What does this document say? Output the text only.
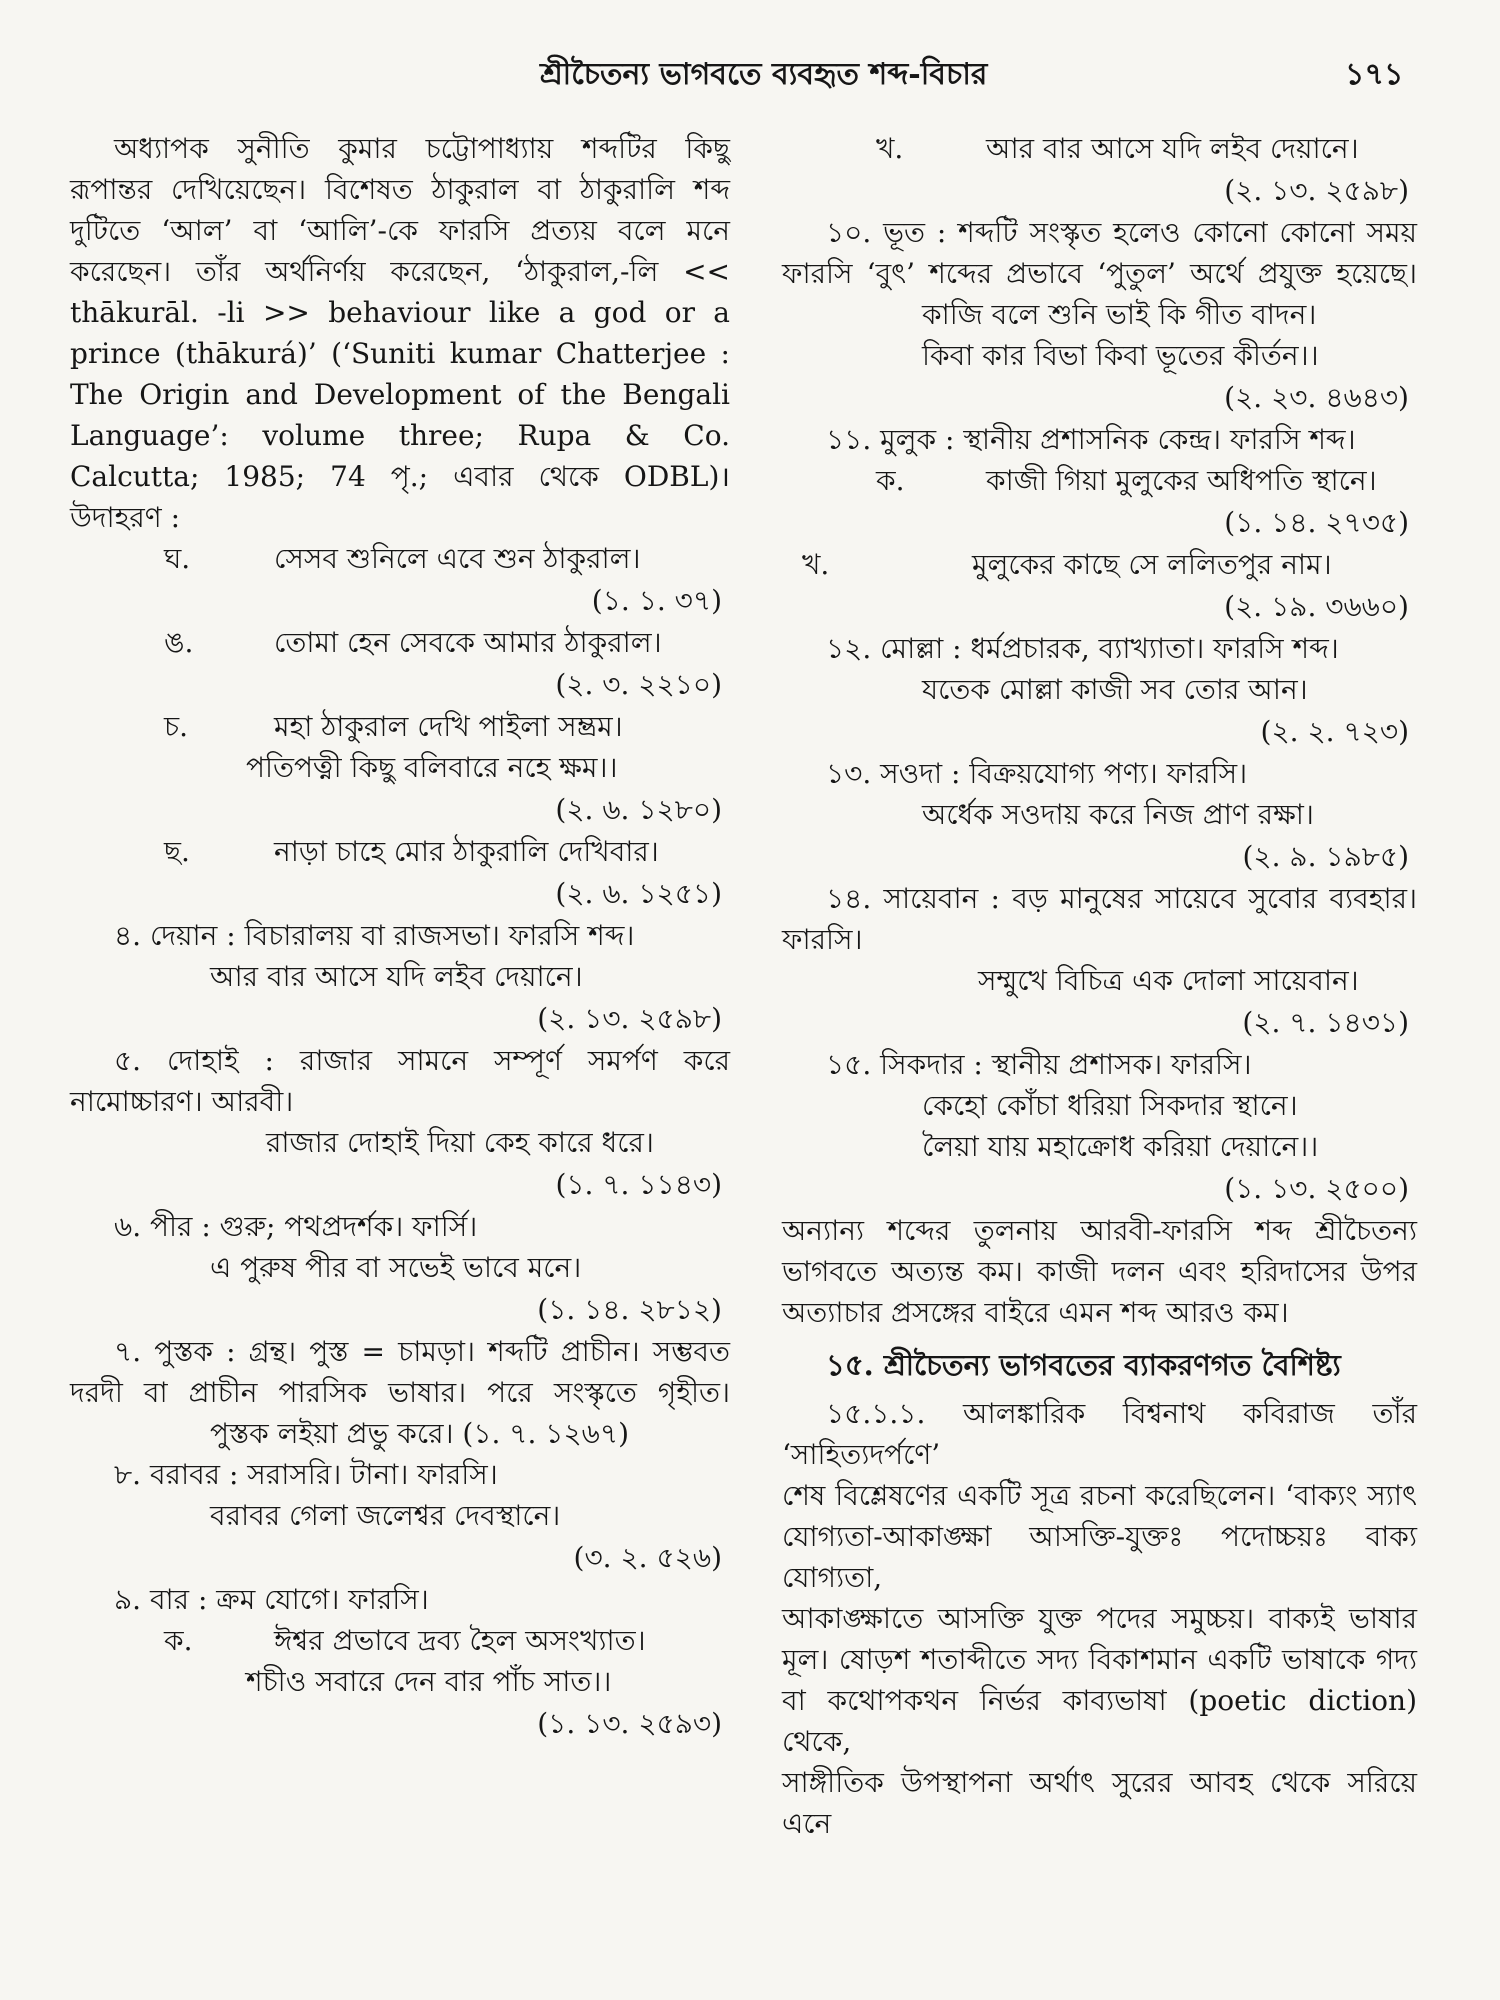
শ্রীচৈতন্য ভাগবতে ব্যবহৃত শব্দ-বিচার	১৭১
অধ্যাপক সুনীতি কুমার চট্টোপাধ্যায় শব্দটির কিছু
রূপান্তর দেখিয়েছেন। বিশেষত ঠাকুরাল বা ঠাকুরালি শব্দ
দুটিতে ‘আল’ বা ‘আলি’-কে ফারসি প্রত্যয় বলে মনে
করেছেন। তাঁর অর্থনির্ণয় করেছেন, ‘ঠাকুরাল,-লি <<
thākurāl. -li >> behaviour like a god or a
prince (thākurá)’ (‘Suniti kumar Chatterjee :
The Origin and Development of the Bengali
Language’: volume three; Rupa & Co.
Calcutta; 1985; 74 পৃ.; এবার থেকে ODBL)।
উদাহরণ :
ঘ.	সেসব শুনিলে এবে শুন ঠাকুরাল।
(১. ১. ৩৭)
ঙ.	তোমা হেন সেবকে আমার ঠাকুরাল।
(২. ৩. ২২১০)
চ.	মহা ঠাকুরাল দেখি পাইলা সম্ভ্রম।
পতিপত্নী কিছু বলিবারে নহে ক্ষম।।
(২. ৬. ১২৮০)
ছ.	নাড়া চাহে মোর ঠাকুরালি দেখিবার।
(২. ৬. ১২৫১)
৪. দেয়ান : বিচারালয় বা রাজসভা। ফারসি শব্দ।
আর বার আসে যদি লইব দেয়ানে।
(২. ১৩. ২৫৯৮)
৫. দোহাই : রাজার সামনে সম্পূর্ণ সমর্পণ করে
নামোচ্চারণ। আরবী।
রাজার দোহাই দিয়া কেহ কারে ধরে।
(১. ৭. ১১৪৩)
৬. পীর : গুরু; পথপ্রদর্শক। ফার্সি।
এ পুরুষ পীর বা সভেই ভাবে মনে।
(১. ১৪. ২৮১২)
৭. পুস্তক : গ্রন্থ। পুস্ত = চামড়া। শব্দটি প্রাচীন। সম্ভবত
দরদী বা প্রাচীন পারসিক ভাষার। পরে সংস্কৃতে গৃহীত।
পুস্তক লইয়া প্রভু করে। (১. ৭. ১২৬৭)
৮. বরাবর : সরাসরি। টানা। ফারসি।
বরাবর গেলা জলেশ্বর দেবস্থানে।
(৩. ২. ৫২৬)
৯. বার : ক্রম যোগে। ফারসি।
ক.	ঈশ্বর প্রভাবে দ্রব্য হৈল অসংখ্যাত।
শচীও সবারে দেন বার পাঁচ সাত।।
(১. ১৩. ২৫৯৩)
খ.	আর বার আসে যদি লইব দেয়ানে।
(২. ১৩. ২৫৯৮)
১০. ভূত : শব্দটি সংস্কৃত হলেও কোনো কোনো সময়
ফারসি ‘বুৎ’ শব্দের প্রভাবে ‘পুতুল’ অর্থে প্রযুক্ত হয়েছে।
কাজি বলে শুনি ভাই কি গীত বাদন।
কিবা কার বিভা কিবা ভূতের কীর্তন।।
(২. ২৩. ৪৬৪৩)
১১. মুলুক : স্থানীয় প্রশাসনিক কেন্দ্র। ফারসি শব্দ।
ক.	কাজী গিয়া মুলুকের অধিপতি স্থানে।
(১. ১৪. ২৭৩৫)
খ.	মুলুকের কাছে সে ললিতপুর নাম।
(২. ১৯. ৩৬৬০)
১২. মোল্লা : ধর্মপ্রচারক, ব্যাখ্যাতা। ফারসি শব্দ।
যতেক মোল্লা কাজী সব তোর আন।
(২. ২. ৭২৩)
১৩. সওদা : বিক্রয়যোগ্য পণ্য। ফারসি।
অর্ধেক সওদায় করে নিজ প্রাণ রক্ষা।
(২. ৯. ১৯৮৫)
১৪. সায়েবান : বড় মানুষের সায়েবে সুবোর ব্যবহার।
ফারসি।
সম্মুখে বিচিত্র এক দোলা সায়েবান।
(২. ৭. ১৪৩১)
১৫. সিকদার : স্থানীয় প্রশাসক। ফারসি।
কেহো কোঁচা ধরিয়া সিকদার স্থানে।
লৈয়া যায় মহাক্রোধ করিয়া দেয়ানে।।
(১. ১৩. ২৫০০)
অন্যান্য শব্দের তুলনায় আরবী-ফারসি শব্দ শ্রীচৈতন্য
ভাগবতে অত্যন্ত কম। কাজী দলন এবং হরিদাসের উপর
অত্যাচার প্রসঙ্গের বাইরে এমন শব্দ আরও কম।
১৫. শ্রীচৈতন্য ভাগবতের ব্যাকরণগত বৈশিষ্ট্য
১৫.১.১. আলঙ্কারিক বিশ্বনাথ কবিরাজ তাঁর ‘সাহিত্যদর্পণে’
শেষ বিশ্লেষণের একটি সূত্র রচনা করেছিলেন। ‘বাক্যং স্যাৎ
যোগ্যতা-আকাঙ্ক্ষা আসক্তি-যুক্তঃ পদোচ্চয়ঃ বাক্য যোগ্যতা,
আকাঙ্ক্ষাতে আসক্তি যুক্ত পদের সমুচ্চয়। বাক্যই ভাষার
মূল। ষোড়শ শতাব্দীতে সদ্য বিকাশমান একটি ভাষাকে গদ্য
বা কথোপকথন নির্ভর কাব্যভাষা (poetic diction) থেকে,
সাঙ্গীতিক উপস্থাপনা অর্থাৎ সুরের আবহ থেকে সরিয়ে এনে
